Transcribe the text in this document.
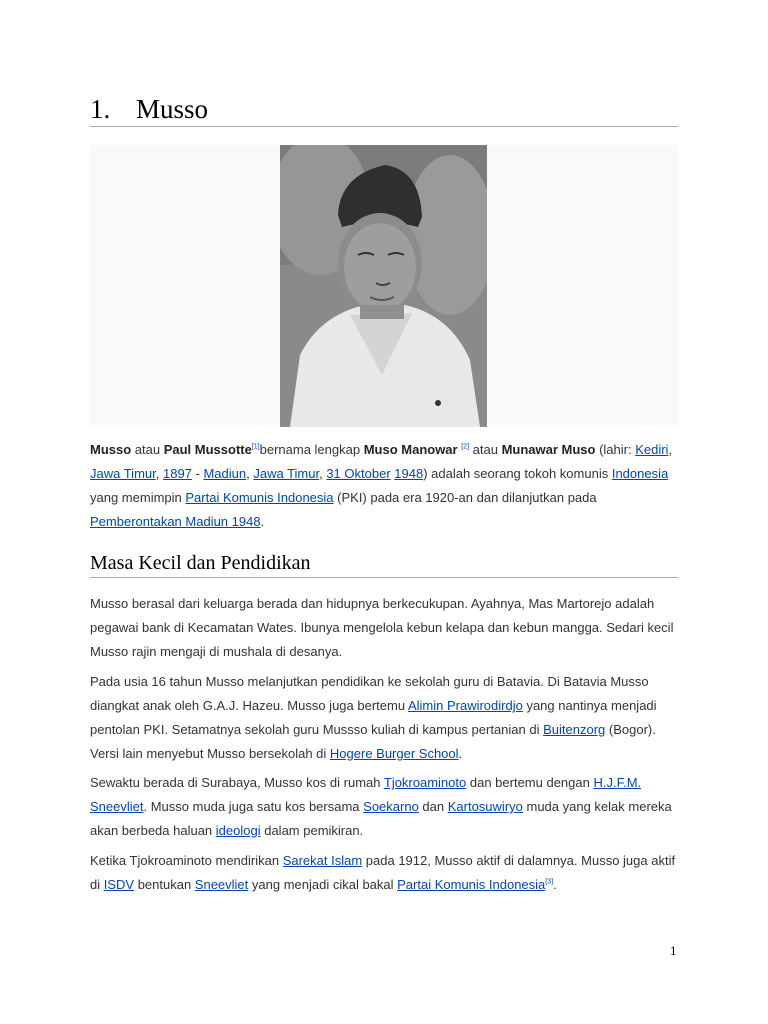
1. Musso

Musso atau Paul Mussotte[1]bernama lengkap Muso Manowar [2] atau Munawar Muso (lahir: Kediri, Jawa Timur, 1897 - Madiun, Jawa Timur, 31 Oktober 1948) adalah seorang tokoh komunis Indonesia yang memimpin Partai Komunis Indonesia (PKI) pada era 1920-an dan dilanjutkan pada Pemberontakan Madiun 1948.

Masa Kecil dan Pendidikan

Musso berasal dari keluarga berada dan hidupnya berkecukupan. Ayahnya, Mas Martorejo adalah pegawai bank di Kecamatan Wates. Ibunya mengelola kebun kelapa dan kebun mangga. Sedari kecil Musso rajin mengaji di mushala di desanya.

Pada usia 16 tahun Musso melanjutkan pendidikan ke sekolah guru di Batavia. Di Batavia Musso diangkat anak oleh G.A.J. Hazeu. Musso juga bertemu Alimin Prawirodirdjo yang nantinya menjadi pentolan PKI. Setamatnya sekolah guru Mussso kuliah di kampus pertanian di Buitenzorg (Bogor). Versi lain menyebut Musso bersekolah di Hogere Burger School.

Sewaktu berada di Surabaya, Musso kos di rumah Tjokroaminoto dan bertemu dengan H.J.F.M. Sneevliet. Musso muda juga satu kos bersama Soekarno dan Kartosuwiryo muda yang kelak mereka akan berbeda haluan ideologi dalam pemikiran.

Ketika Tjokroaminoto mendirikan Sarekat Islam pada 1912, Musso aktif di dalamnya. Musso juga aktif di ISDV bentukan Sneevliet yang menjadi cikal bakal Partai Komunis Indonesia[3].

1
